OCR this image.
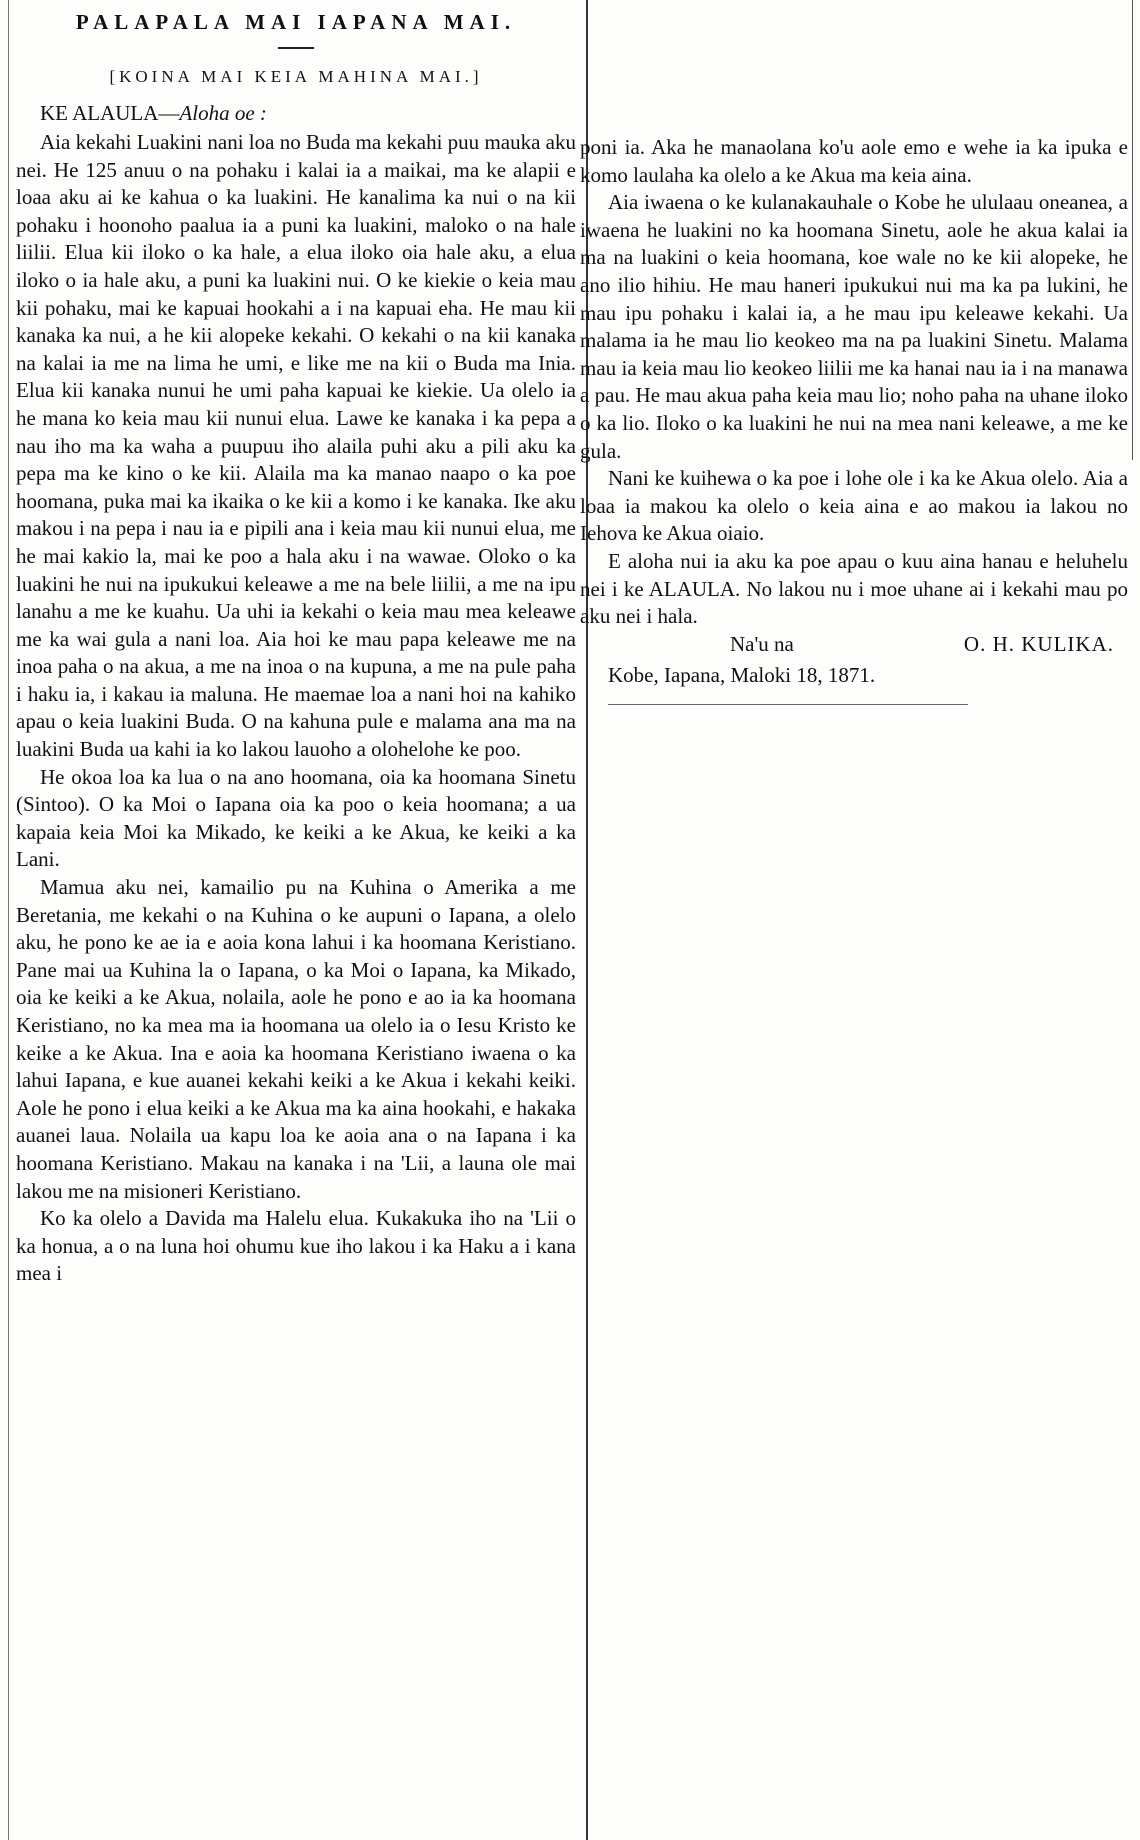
PALAPALA MAI IAPANA MAI.
[KOINA MAI KEIA MAHINA MAI.]
KE ALAULA—Aloha oe :

Aia kekahi Luakini nani loa no Buda ma kekahi puu mauka aku nei. He 125 anuu o na pohaku i kalai ia a maikai, ma ke alapii e loaa aku ai ke kahua o ka luakini. He kanalima ka nui o na kii pohaku i hoonoho paalua ia a puni ka luakini, maloko o na hale liilii. Elua kii iloko o ka hale, a elua iloko oia hale aku, a elua iloko o ia hale aku, a puni ka luakini nui. O ke kiekie o keia mau kii pohaku, mai ke kapuai hookahi a i na kapuai eha. He mau kii kanaka ka nui, a he kii alopeke kekahi. O kekahi o na kii kanaka na kalai ia me na lima he umi, e like me na kii o Buda ma Inia. Elua kii kanaka nunui he umi paha kapuai ke kiekie. Ua olelo ia he mana ko keia mau kii nunui elua. Lawe ke kanaka i ka pepa a nau iho ma ka waha a puupuu iho alaila puhi aku a pili aku ka pepa ma ke kino o ke kii. Alaila ma ka manao naapo o ka poe hoomana, puka mai ka ikaika o ke kii a komo i ke kanaka. Ike aku makou i na pepa i nau ia e pipili ana i keia mau kii nunui elua, me he mai kakio la, mai ke poo a hala aku i na wawae. Oloko o ka luakini he nui na ipukukui keleawe a me na bele liilii, a me na ipu lanahu a me ke kuahu. Ua uhi ia kekahi o keia mau mea keleawe me ka wai gula a nani loa. Aia hoi ke mau papa keleawe me na inoa paha o na akua, a me na inoa o na kupuna, a me na pule paha i haku ia, i kakau ia maluna. He maemae loa a nani hoi na kahiko apau o keia luakini Buda. O na kahuna pule e malama ana ma na luakini Buda ua kahi ia ko lakou lauoho a olohelohe ke poo.

He okoa loa ka lua o na ano hoomana, oia ka hoomana Sinetu (Sintoo). O ka Moi o Iapana oia ka poo o keia hoomana; a ua kapaia keia Moi ka Mikado, ke keiki a ke Akua, ke keiki a ka Lani.

Mamua aku nei, kamailio pu na Kuhina o Amerika a me Beretania, me kekahi o na Kuhina o ke aupuni o Iapana, a olelo aku, he pono ke ae ia e aoia kona lahui i ka hoomana Keristiano. Pane mai ua Kuhina la o Iapana, o ka Moi o Iapana, ka Mikado, oia ke keiki a ke Akua, nolaila, aole he pono e ao ia ka hoomana Keristiano, no ka mea ma ia hoomana ua olelo ia o Iesu Kristo ke keike a ke Akua. Ina e aoia ka hoomana Keristiano iwaena o ka lahui Iapana, e kue auanei kekahi keiki a ke Akua i kekahi keiki. Aole he pono i elua keiki a ke Akua ma ka aina hookahi, e hakaka auanei laua. Nolaila ua kapu loa ke aoia ana o na Iapana i ka hoomana Keristiano. Makau na kanaka i na 'Lii, a launa ole mai lakou me na misioneri Keristiano.

Ko ka olelo a Davida ma Halelu elua. Kukakuka iho na 'Lii o ka honua, a o na luna hoi ohumu kue iho lakou i ka Haku a i kana mea i

poni ia. Aka he manaolana ko'u aole emo e wehe ia ka ipuka e komo laulaha ka olelo a ke Akua ma keia aina.

Aia iwaena o ke kulanakauhale o Kobe he ululaau oneanea, a iwaena he luakini no ka hoomana Sinetu, aole he akua kalai ia ma na luakini o keia hoomana, koe wale no ke kii alopeke, he ano ilio hihiu. He mau haneri ipukukui nui ma ka pa lukini, he mau ipu pohaku i kalai ia, a he mau ipu keleawe kekahi. Ua malama ia he mau lio keokeo ma na pa luakini Sinetu. Malama mau ia keia mau lio keokeo liilii me ka hanai nau ia i na manawa a pau. He mau akua paha keia mau lio; noho paha na uhane iloko o ka lio. Iloko o ka luakini he nui na mea nani keleawe, a me ke gula.

Nani ke kuihewa o ka poe i lohe ole i ka ke Akua olelo. Aia a loaa ia makou ka olelo o keia aina e ao makou ia lakou no Iehova ke Akua oiaio.

E aloha nui ia aku ka poe apau o kuu aina hanau e heluhelu nei i ke ALAULA. No lakou nu i moe uhane ai i kekahi mau po aku nei i hala.

Na'u na	O. H. KULIKA.
Kobe, Iapana, Maloki 18, 1871.
